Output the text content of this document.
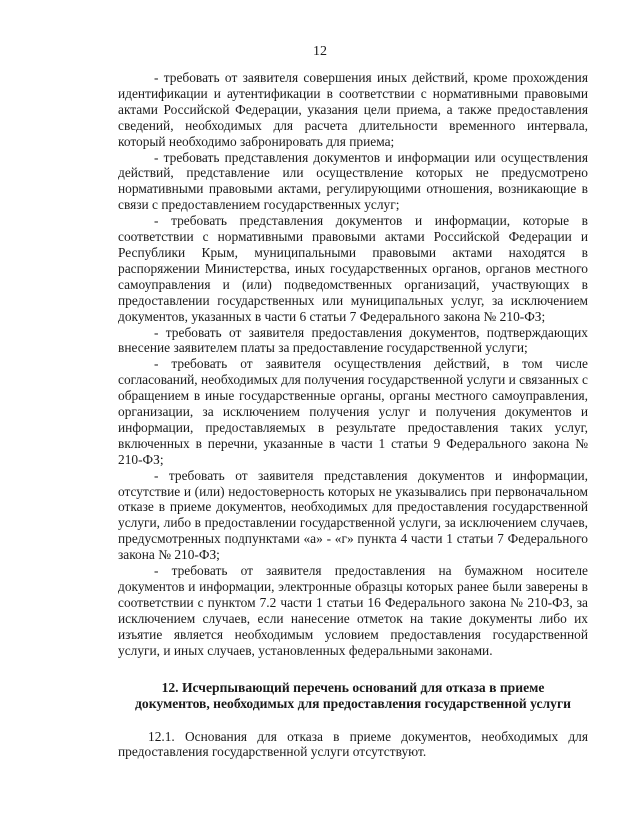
12

- требовать от заявителя совершения иных действий, кроме прохождения идентификации и аутентификации в соответствии с нормативными правовыми актами Российской Федерации, указания цели приема, а также предоставления сведений, необходимых для расчета длительности временного интервала, который необходимо забронировать для приема;

- требовать представления документов и информации или осуществления действий, представление или осуществление которых не предусмотрено нормативными правовыми актами, регулирующими отношения, возникающие в связи с предоставлением государственных услуг;

- требовать представления документов и информации, которые в соответствии с нормативными правовыми актами Российской Федерации и Республики Крым, муниципальными правовыми актами находятся в распоряжении Министерства, иных государственных органов, органов местного самоуправления и (или) подведомственных организаций, участвующих в предоставлении государственных или муниципальных услуг, за исключением документов, указанных в части 6 статьи 7 Федерального закона № 210-ФЗ;

- требовать от заявителя предоставления документов, подтверждающих внесение заявителем платы за предоставление государственной услуги;

- требовать от заявителя осуществления действий, в том числе согласований, необходимых для получения государственной услуги и связанных с обращением в иные государственные органы, органы местного самоуправления, организации, за исключением получения услуг и получения документов и информации, предоставляемых в результате предоставления таких услуг, включенных в перечни, указанные в части 1 статьи 9 Федерального закона № 210-ФЗ;

- требовать от заявителя представления документов и информации, отсутствие и (или) недостоверность которых не указывались при первоначальном отказе в приеме документов, необходимых для предоставления государственной услуги, либо в предоставлении государственной услуги, за исключением случаев, предусмотренных подпунктами «а» - «г» пункта 4 части 1 статьи 7 Федерального закона № 210-ФЗ;

- требовать от заявителя предоставления на бумажном носителе документов и информации, электронные образцы которых ранее были заверены в соответствии с пунктом 7.2 части 1 статьи 16 Федерального закона № 210-ФЗ, за исключением случаев, если нанесение отметок на такие документы либо их изъятие является необходимым условием предоставления государственной услуги, и иных случаев, установленных федеральными законами.

12. Исчерпывающий перечень оснований для отказа в приеме
документов, необходимых для предоставления государственной услуги

12.1. Основания для отказа в приеме документов, необходимых для предоставления государственной услуги отсутствуют.
